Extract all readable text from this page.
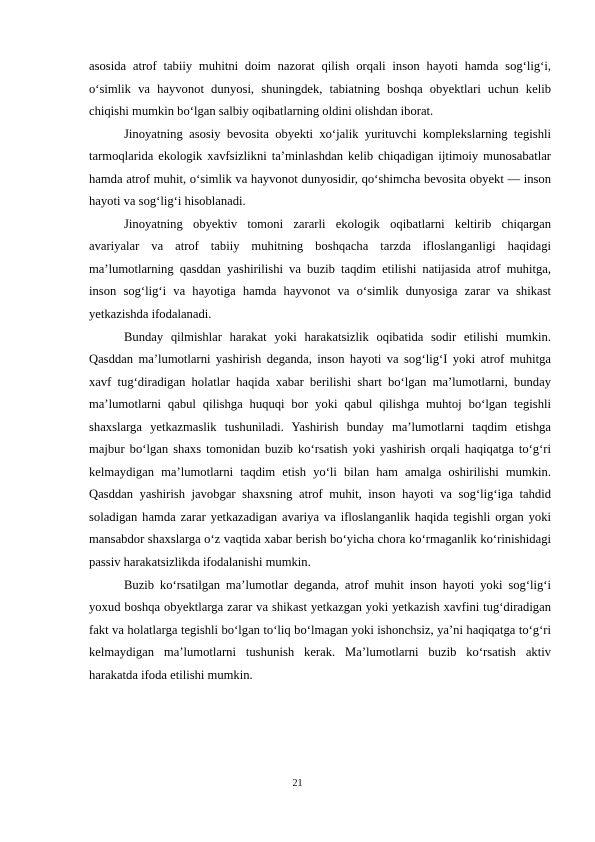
asosida atrof tabiiy muhitni doim nazorat qilish orqali inson hayoti hamda sog‘lig‘i, o‘simlik va hayvonot dunyosi, shuningdek, tabiatning boshqa obyektlari uchun kelib chiqishi mumkin bo‘lgan salbiy oqibatlarning oldini olishdan iborat.

Jinoyatning asosiy bevosita obyekti xo‘jalik yurituvchi komplekslarning tegishli tarmoqlarida ekologik xavfsizlikni ta’minlashdan kelib chiqadigan ijtimoiy munosabatlar hamda atrof muhit, o‘simlik va hayvonot dunyosidir, qo‘shimcha bevosita obyekt — inson hayoti va sog‘lig‘i hisoblanadi.

Jinoyatning obyektiv tomoni zararli ekologik oqibatlarni keltirib chiqargan avariyalar va atrof tabiiy muhitning boshqacha tarzda ifloslanganligi haqidagi ma’lumotlarning qasddan yashirilishi va buzib taqdim etilishi natijasida atrof muhitga, inson sog‘lig‘i va hayotiga hamda hayvonot va o‘simlik dunyosiga zarar va shikast yetkazishda ifodalanadi.

Bunday qilmishlar harakat yoki harakatsizlik oqibatida sodir etilishi mumkin. Qasddan ma’lumotlarni yashirish deganda, inson hayoti va sog‘lig‘I yoki atrof muhitga xavf tug‘diradigan holatlar haqida xabar berilishi shart bo‘lgan ma’lumotlarni, bunday ma’lumotlarni qabul qilishga huquqi bor yoki qabul qilishga muhtoj bo‘lgan tegishli shaxslarga yetkazmaslik tushuniladi. Yashirish bunday ma’lumotlarni taqdim etishga majbur bo‘lgan shaxs tomonidan buzib ko‘rsatish yoki yashirish orqali haqiqatga to‘g‘ri kelmaydigan ma’lumotlarni taqdim etish yo‘li bilan ham amalga oshirilishi mumkin. Qasddan yashirish javobgar shaxsning atrof muhit, inson hayoti va sog‘lig‘iga tahdid soladigan hamda zarar yetkazadigan avariya va ifloslanganlik haqida tegishli organ yoki mansabdor shaxslarga o‘z vaqtida xabar berish bo‘yicha chora ko‘rmaganlik ko‘rinishidagi passiv harakatsizlikda ifodalanishi mumkin.

Buzib ko‘rsatilgan ma’lumotlar deganda, atrof muhit inson hayoti yoki sog‘lig‘i yoxud boshqa obyektlarga zarar va shikast yetkazgan yoki yetkazish xavfini tug‘diradigan fakt va holatlarga tegishli bo‘lgan to‘liq bo‘lmagan yoki ishonchsiz, ya’ni haqiqatga to‘g‘ri kelmaydigan ma’lumotlarni tushunish kerak. Ma’lumotlarni buzib ko‘rsatish aktiv harakatda ifoda etilishi mumkin.

21
